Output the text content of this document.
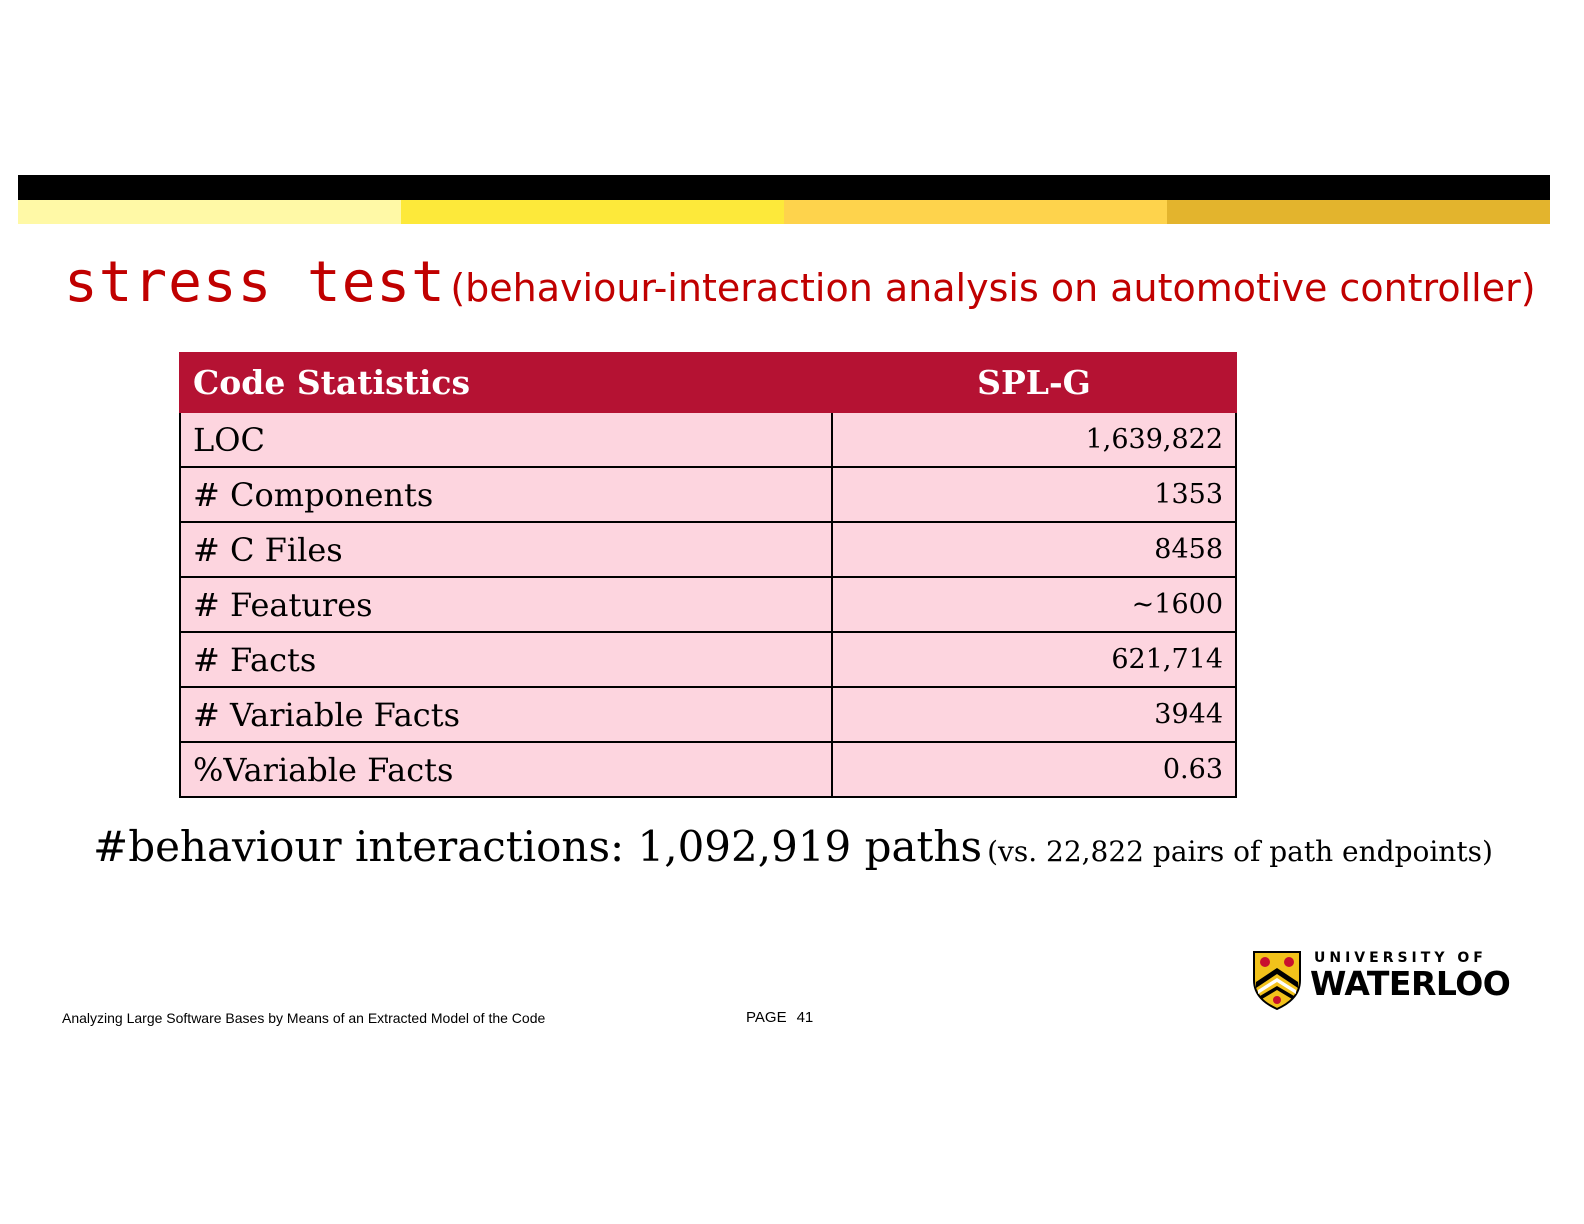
stress test (behaviour-interaction analysis on automotive controller)
Code Statistics	SPL-G
LOC	1,639,822
# Components	1353
# C Files	8458
# Features	~1600
# Facts	621,714
# Variable Facts	3944
%Variable Facts	0.63
#behaviour interactions: 1,092,919 paths (vs. 22,822 pairs of path endpoints)
UNIVERSITY OF
WATERLOO
Analyzing Large Software Bases by Means of an Extracted Model of the Code	PAGE 41
